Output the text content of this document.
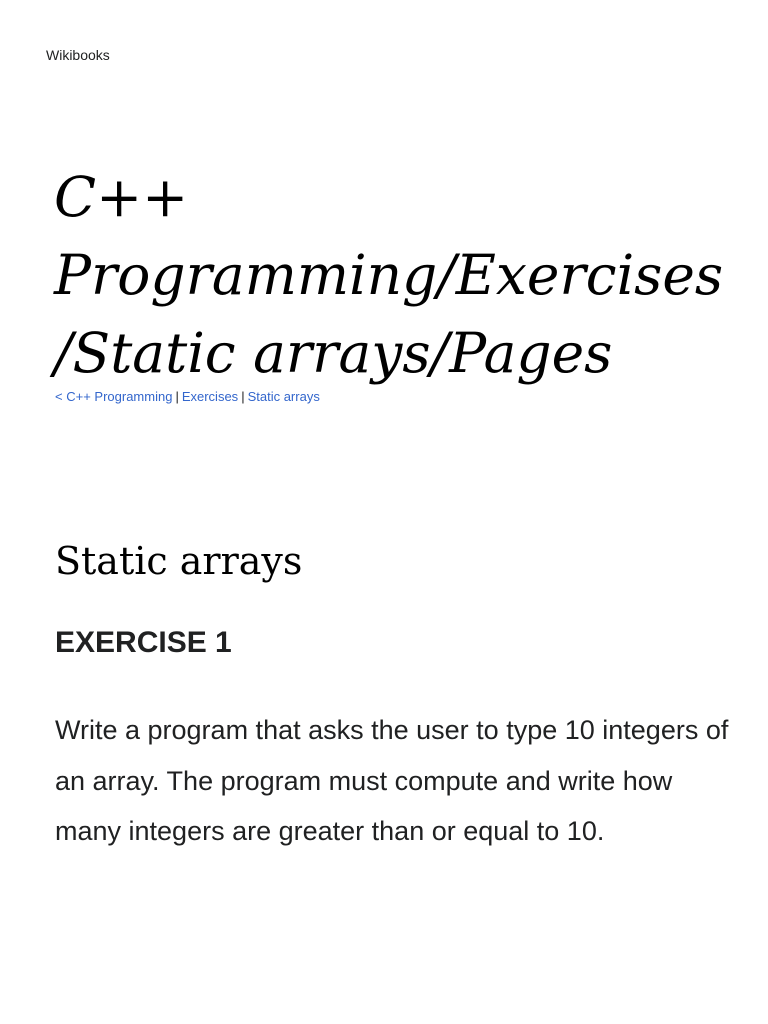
Wikibooks
C++
Programming/Exercises
/Static arrays/Pages
< C++ Programming | Exercises | Static arrays
Static arrays
EXERCISE 1

Write a program that asks the user to type 10 integers of an array. The program must compute and write how many integers are greater than or equal to 10.
